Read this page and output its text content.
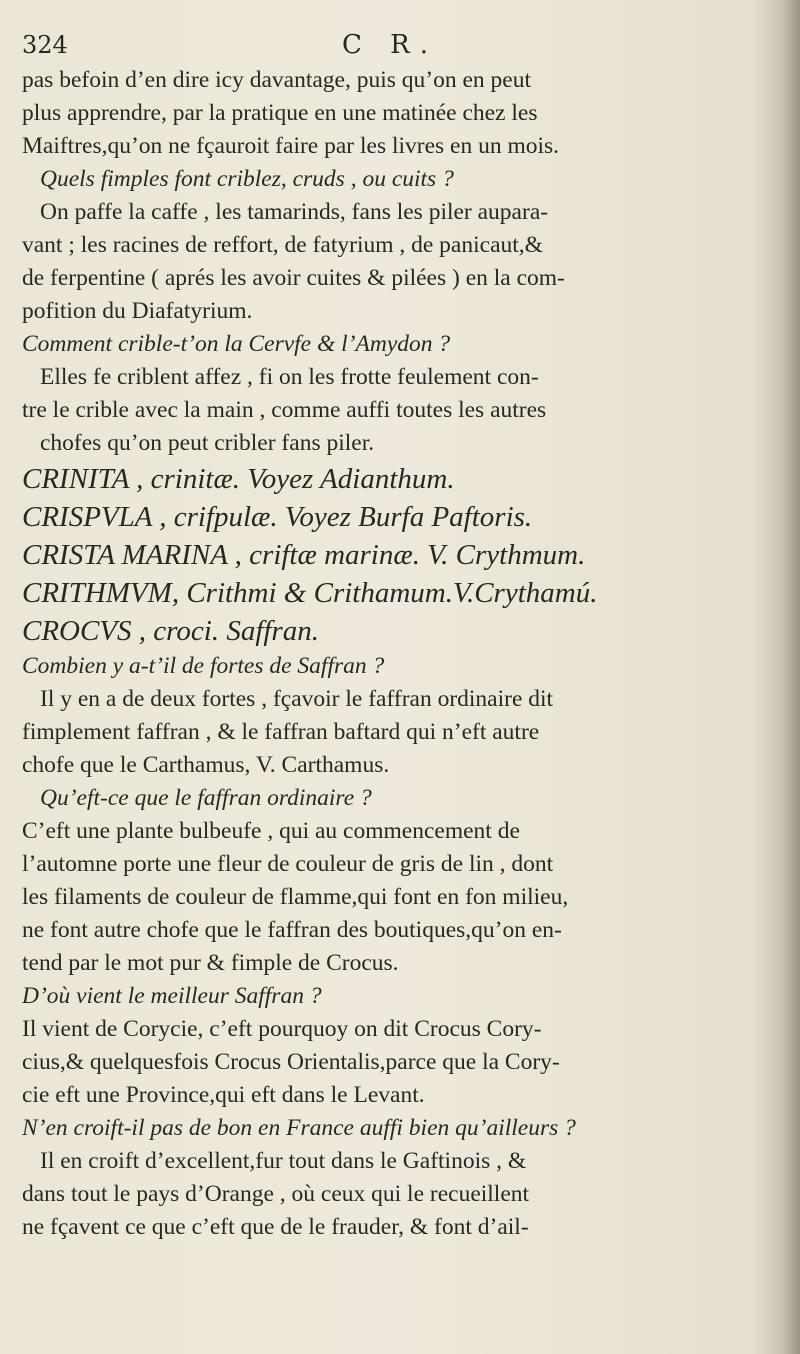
324	C R.
pas befoin d’en dire icy davantage, puis qu’on en peut
plus apprendre, par la pratique en une matinée chez les
Maiftres,qu’on ne fçauroit faire par les livres en un mois.
Quels fimples font criblez, cruds , ou cuits ?
On paffe la caffe , les tamarinds, fans les piler aupara-
vant ; les racines de reffort, de fatyrium , de panicaut,&
de ferpentine ( aprés les avoir cuites & pilées ) en la com-
pofition du Diafatyrium.
Comment crible-t’on la Cervfe & l’Amydon ?
Elles fe criblent affez , fi on les frotte feulement con-
tre le crible avec la main , comme auffi toutes les autres
chofes qu’on peut cribler fans piler.
CRINITA , crinitæ. Voyez Adianthum.
CRISPVLA , crifpulæ. Voyez Burfa Paftoris.
CRISTA MARINA , criftæ marinæ. V. Crythmum.
CRITHMVM, Crithmi & Crithamum.V.Crythamú.
CROCVS , croci. Saffran.
Combien y a-t’il de fortes de Saffran ?
Il y en a de deux fortes , fçavoir le faffran ordinaire dit
fimplement faffran , & le faffran baftard qui n’eft autre
chofe que le Carthamus, V. Carthamus.
Qu’eft-ce que le faffran ordinaire ?
C’eft une plante bulbeufe , qui au commencement de
l’automne porte une fleur de couleur de gris de lin , dont
les filaments de couleur de flamme,qui font en fon milieu,
ne font autre chofe que le faffran des boutiques,qu’on en-
tend par le mot pur & fimple de Crocus.
D’où vient le meilleur Saffran ?
Il vient de Corycie, c’eft pourquoy on dit Crocus Cory-
cius,& quelquesfois Crocus Orientalis,parce que la Cory-
cie eft une Province,qui eft dans le Levant.
N’en croift-il pas de bon en France auffi bien qu’ailleurs ?
Il en croift d’excellent,fur tout dans le Gaftinois , &
dans tout le pays d’Orange , où ceux qui le recueillent
ne fçavent ce que c’eft que de le frauder, & font d’ail-
